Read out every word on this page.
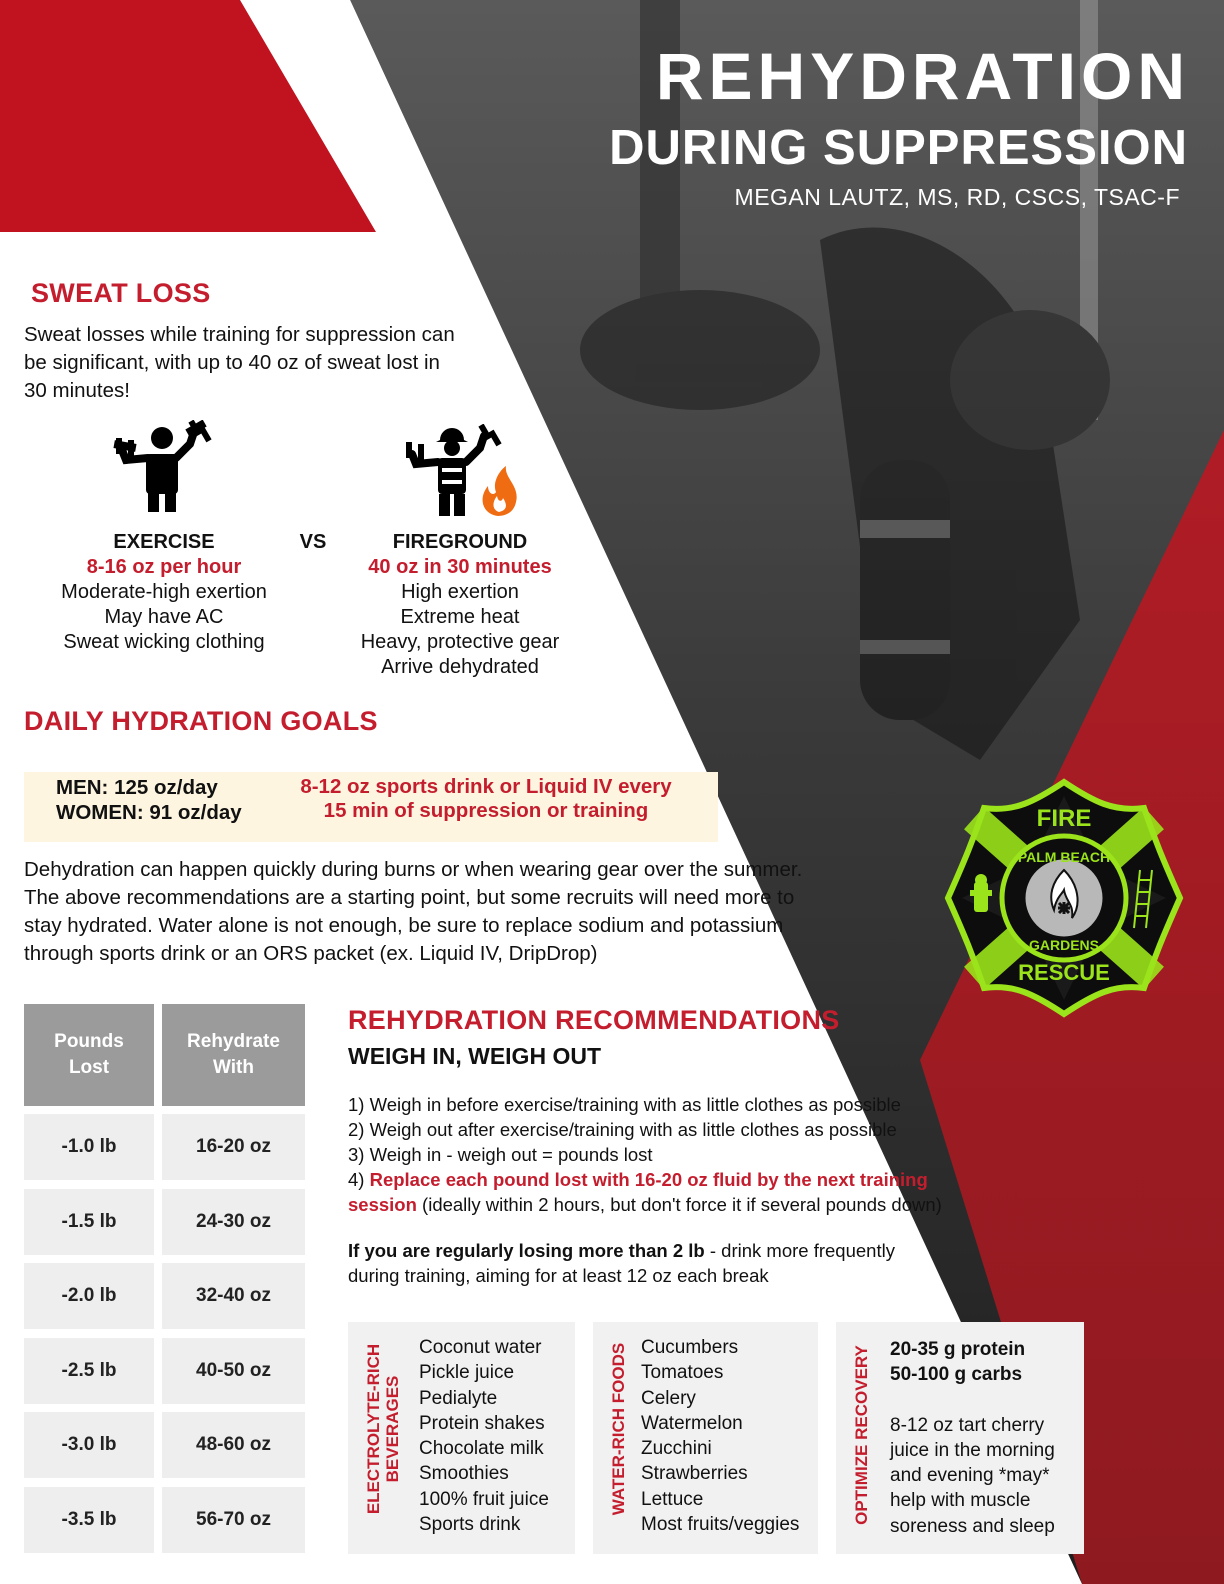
REHYDRATION
DURING SUPPRESSION
MEGAN LAUTZ, MS, RD, CSCS, TSAC-F
SWEAT LOSS
Sweat losses while training for suppression can be significant, with up to 40 oz of sweat lost in 30 minutes!
EXERCISE
8-16 oz per hour
Moderate-high exertion
May have AC
Sweat wicking clothing
VS	FIREGROUND
40 oz in 30 minutes
High exertion
Extreme heat
Heavy, protective gear
Arrive dehydrated
DAILY HYDRATION GOALS
MEN: 125 oz/day
WOMEN: 91 oz/day
8-12 oz sports drink or Liquid IV every
15 min of suppression or training
Dehydration can happen quickly during burns or when wearing gear over the summer. The above recommendations are a starting point, but some recruits will need more to stay hydrated. Water alone is not enough, be sure to replace sodium and potassium through sports drink or an ORS packet (ex. Liquid IV, DripDrop)
Pounds
Lost
Rehydrate
With
-1.0 lb	16-20 oz
-1.5 lb	24-30 oz
-2.0 lb	32-40 oz
-2.5 lb	40-50 oz
-3.0 lb	48-60 oz
-3.5 lb	56-70 oz
REHYDRATION RECOMMENDATIONS
WEIGH IN, WEIGH OUT
1) Weigh in before exercise/training with as little clothes as possible
2) Weigh out after exercise/training with as little clothes as possible
3) Weigh in - weigh out = pounds lost
4) Replace each pound lost with 16-20 oz fluid by the next training
session (ideally within 2 hours, but don't force it if several pounds down)
If you are regularly losing more than 2 lb - drink more frequently
during training, aiming for at least 12 oz each break
ELECTROLYTE-RICH BEVERAGES
Coconut water
Pickle juice
Pedialyte
Protein shakes
Chocolate milk
Smoothies
100% fruit juice
Sports drink
WATER-RICH FOODS Cucumbers
Tomatoes
Celery
Watermelon
Zucchini
Strawberries
Lettuce
Most fruits/veggies	OPTIMIZE RECOVERY 20-35 g protein
50-100 g carbs
8-12 oz tart cherry
juice in the morning
and evening *may*
help with muscle
soreness and sleep
FIRE
PALM BEACH
GARDENS
RESCUE
